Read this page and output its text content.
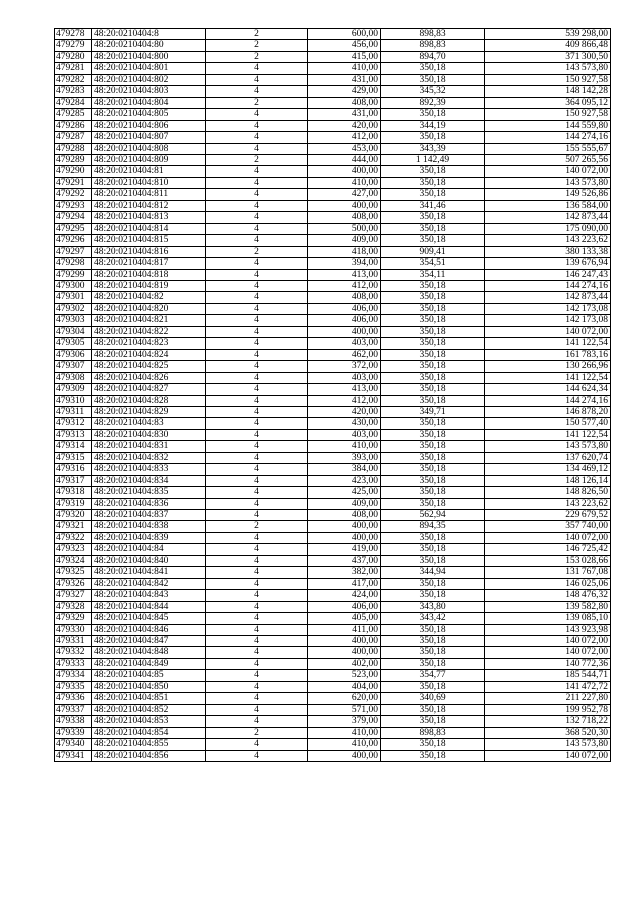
479278	48:20:0210404:8	2	600,00	898,83	539 298,00
479279	48:20:0210404:80	2	456,00	898,83	409 866,48
479280	48:20:0210404:800	2	415,00	894,70	371 300,50
479281	48:20:0210404:801	4	410,00	350,18	143 573,80
479282	48:20:0210404:802	4	431,00	350,18	150 927,58
479283	48:20:0210404:803	4	429,00	345,32	148 142,28
479284	48:20:0210404:804	2	408,00	892,39	364 095,12
479285	48:20:0210404:805	4	431,00	350,18	150 927,58
479286	48:20:0210404:806	4	420,00	344,19	144 559,80
479287	48:20:0210404:807	4	412,00	350,18	144 274,16
479288	48:20:0210404:808	4	453,00	343,39	155 555,67
479289	48:20:0210404:809	2	444,00	1 142,49	507 265,56
479290	48:20:0210404:81	4	400,00	350,18	140 072,00
479291	48:20:0210404:810	4	410,00	350,18	143 573,80
479292	48:20:0210404:811	4	427,00	350,18	149 526,86
479293	48:20:0210404:812	4	400,00	341,46	136 584,00
479294	48:20:0210404:813	4	408,00	350,18	142 873,44
479295	48:20:0210404:814	4	500,00	350,18	175 090,00
479296	48:20:0210404:815	4	409,00	350,18	143 223,62
479297	48:20:0210404:816	2	418,00	909,41	380 133,38
479298	48:20:0210404:817	4	394,00	354,51	139 676,94
479299	48:20:0210404:818	4	413,00	354,11	146 247,43
479300	48:20:0210404:819	4	412,00	350,18	144 274,16
479301	48:20:0210404:82	4	408,00	350,18	142 873,44
479302	48:20:0210404:820	4	406,00	350,18	142 173,08
479303	48:20:0210404:821	4	406,00	350,18	142 173,08
479304	48:20:0210404:822	4	400,00	350,18	140 072,00
479305	48:20:0210404:823	4	403,00	350,18	141 122,54
479306	48:20:0210404:824	4	462,00	350,18	161 783,16
479307	48:20:0210404:825	4	372,00	350,18	130 266,96
479308	48:20:0210404:826	4	403,00	350,18	141 122,54
479309	48:20:0210404:827	4	413,00	350,18	144 624,34
479310	48:20:0210404:828	4	412,00	350,18	144 274,16
479311	48:20:0210404:829	4	420,00	349,71	146 878,20
479312	48:20:0210404:83	4	430,00	350,18	150 577,40
479313	48:20:0210404:830	4	403,00	350,18	141 122,54
479314	48:20:0210404:831	4	410,00	350,18	143 573,80
479315	48:20:0210404:832	4	393,00	350,18	137 620,74
479316	48:20:0210404:833	4	384,00	350,18	134 469,12
479317	48:20:0210404:834	4	423,00	350,18	148 126,14
479318	48:20:0210404:835	4	425,00	350,18	148 826,50
479319	48:20:0210404:836	4	409,00	350,18	143 223,62
479320	48:20:0210404:837	4	408,00	562,94	229 679,52
479321	48:20:0210404:838	2	400,00	894,35	357 740,00
479322	48:20:0210404:839	4	400,00	350,18	140 072,00
479323	48:20:0210404:84	4	419,00	350,18	146 725,42
479324	48:20:0210404:840	4	437,00	350,18	153 028,66
479325	48:20:0210404:841	4	382,00	344,94	131 767,08
479326	48:20:0210404:842	4	417,00	350,18	146 025,06
479327	48:20:0210404:843	4	424,00	350,18	148 476,32
479328	48:20:0210404:844	4	406,00	343,80	139 582,80
479329	48:20:0210404:845	4	405,00	343,42	139 085,10
479330	48:20:0210404:846	4	411,00	350,18	143 923,98
479331	48:20:0210404:847	4	400,00	350,18	140 072,00
479332	48:20:0210404:848	4	400,00	350,18	140 072,00
479333	48:20:0210404:849	4	402,00	350,18	140 772,36
479334	48:20:0210404:85	4	523,00	354,77	185 544,71
479335	48:20:0210404:850	4	404,00	350,18	141 472,72
479336	48:20:0210404:851	4	620,00	340,69	211 227,80
479337	48:20:0210404:852	4	571,00	350,18	199 952,78
479338	48:20:0210404:853	4	379,00	350,18	132 718,22
479339	48:20:0210404:854	2	410,00	898,83	368 520,30
479340	48:20:0210404:855	4	410,00	350,18	143 573,80
479341	48:20:0210404:856	4	400,00	350,18	140 072,00
